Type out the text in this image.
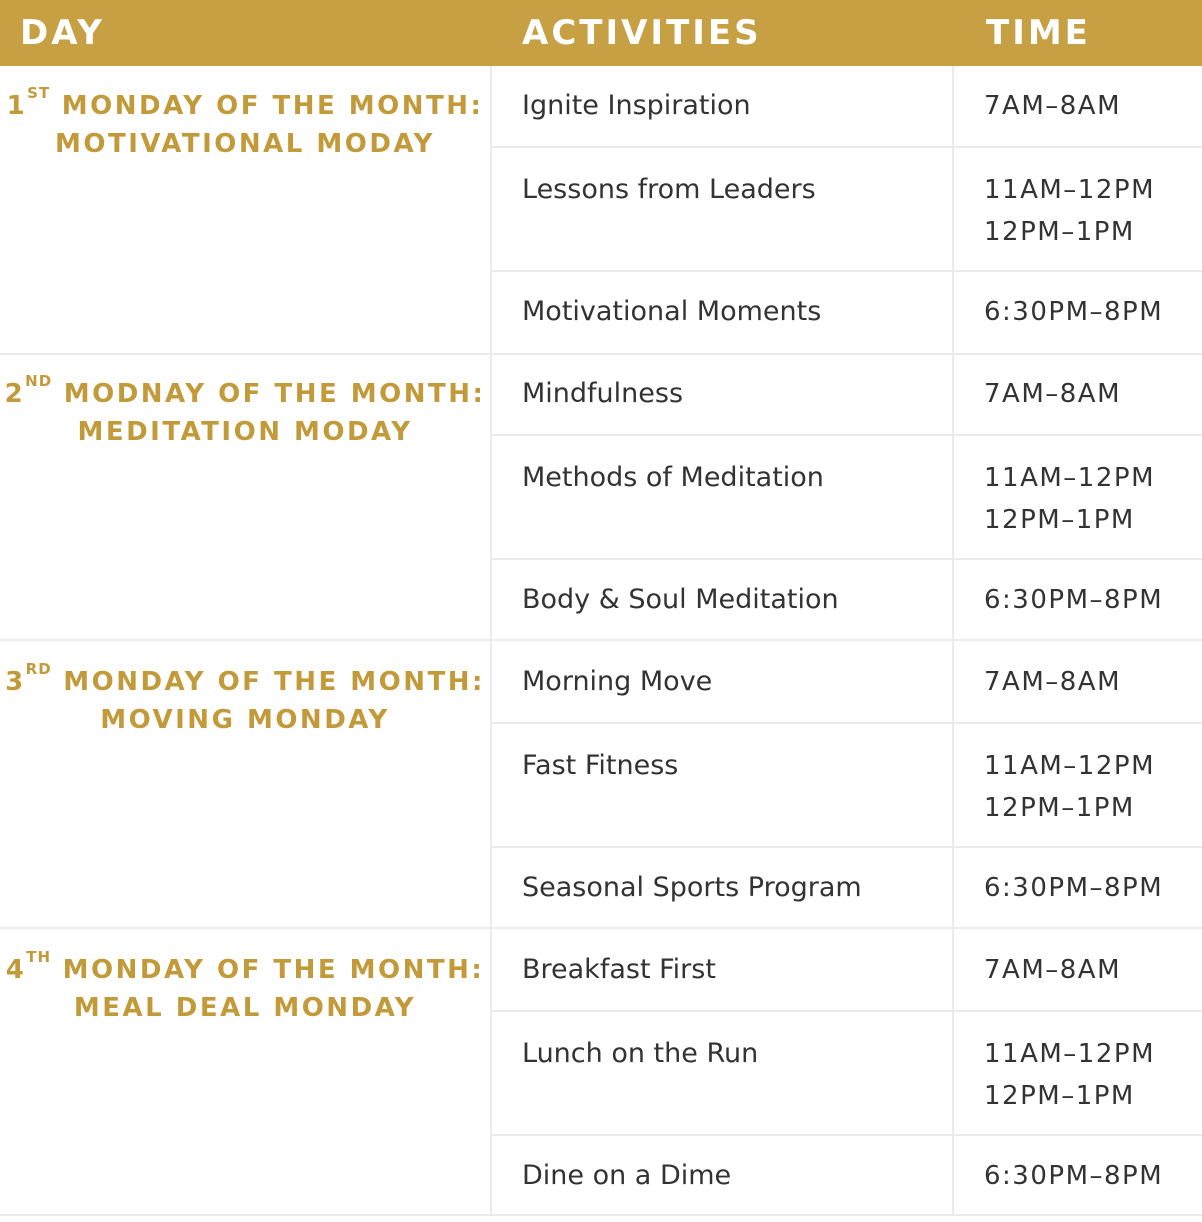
DAY	ACTIVITIES	TIME
1ST MONDAY OF THE MONTH:
MOTIVATIONAL MODAY
Ignite Inspiration	7AM–8AM
Lessons from Leaders	11AM–12PM
12PM–1PM
Motivational Moments	6:30PM–8PM
2ND MODNAY OF THE MONTH:
MEDITATION MODAY
Mindfulness	7AM–8AM
Methods of Meditation	11AM–12PM
12PM–1PM
Body & Soul Meditation	6:30PM–8PM
3RD MONDAY OF THE MONTH:
MOVING MONDAY
Morning Move	7AM–8AM
Fast Fitness	11AM–12PM
12PM–1PM
Seasonal Sports Program	6:30PM–8PM
4TH MONDAY OF THE MONTH:
MEAL DEAL MONDAY
Breakfast First	7AM–8AM
Lunch on the Run	11AM–12PM
12PM–1PM
Dine on a Dime	6:30PM–8PM
